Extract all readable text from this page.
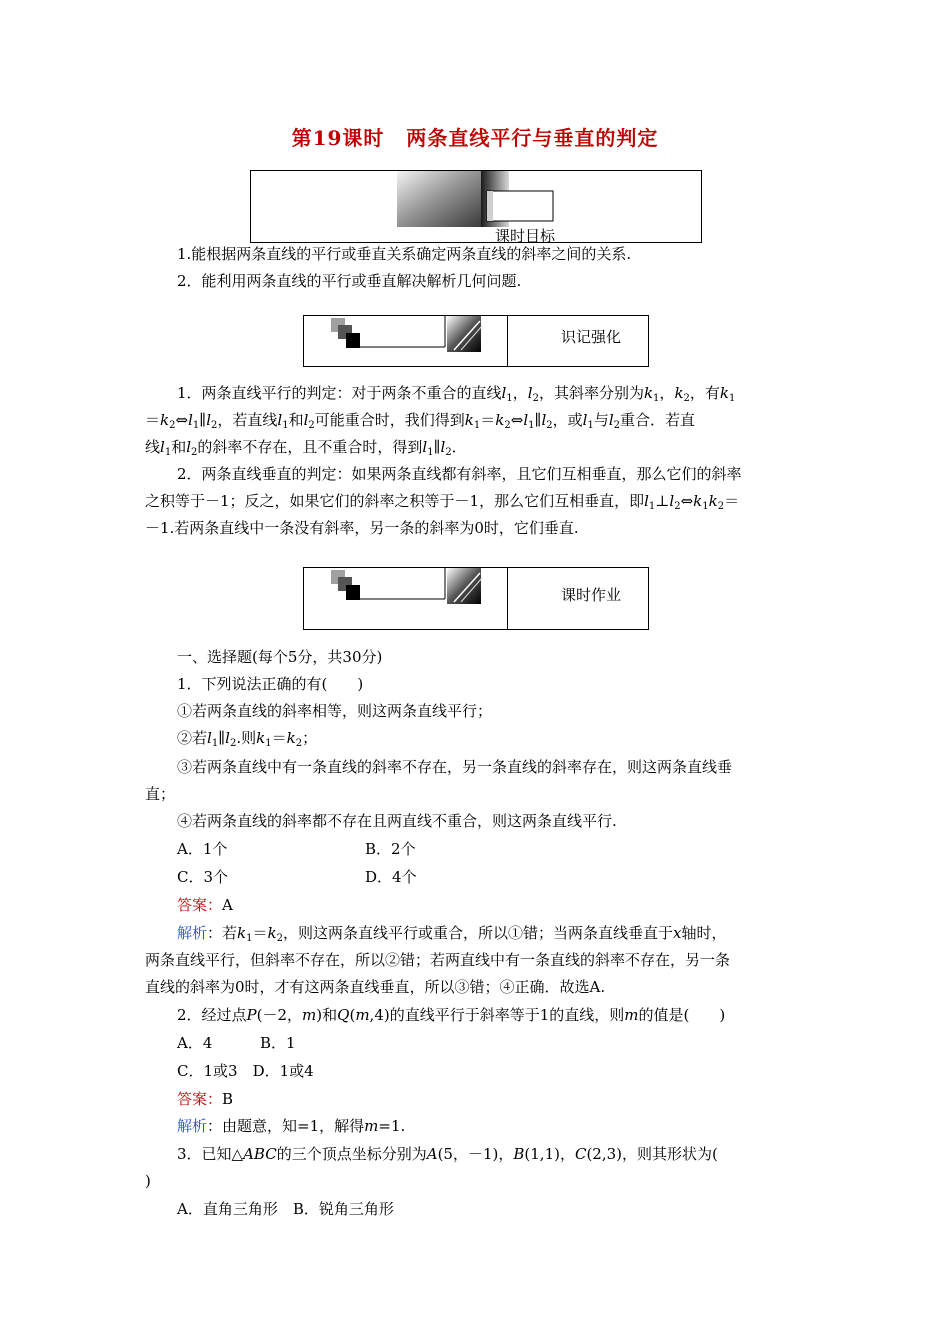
第19课时 两条直线平行与垂直的判定
课时目标
1.能根据两条直线的平行或垂直关系确定两条直线的斜率之间的关系.
2．能利用两条直线的平行或垂直解决解析几何问题.
识记强化
1．两条直线平行的判定：对于两条不重合的直线$l_1$，$l_2$，其斜率分别为$k_1$，$k_2$，有$k_1$
$=k_2\Leftrightarrow l_1\parallel l_2$，若直线$l_1$和$l_2$可能重合时，我们得到$k_1=k_2\Leftrightarrow l_1\parallel l_2$，或$l_1$与$l_2$重合．若直
线$l_1$和$l_2$的斜率不存在，且不重合时，得到$l_1\parallel l_2$．
2．两条直线垂直的判定：如果两条直线都有斜率，且它们互相垂直，那么它们的斜率
之积等于－1；反之，如果它们的斜率之积等于－1，那么它们互相垂直，即$l_1\perp l_2\Leftrightarrow k_1k_2=$
－1.若两条直线中一条没有斜率，另一条的斜率为0时，它们垂直.
课时作业
一、选择题(每个5分，共30分)
1．下列说法正确的有(　　)
①若两条直线的斜率相等，则这两条直线平行；
②若$l_1\parallel l_2$.则$k_1=k_2$；
③若两条直线中有一条直线的斜率不存在，另一条直线的斜率存在，则这两条直线垂
直；
④若两条直线的斜率都不存在且两直线不重合，则这两条直线平行.
A．1个	B．2个
C．3个	D．4个
答案：A
解析：若$k_1=k_2$，则这两条直线平行或重合，所以①错；当两条直线垂直于x轴时，
两条直线平行，但斜率不存在，所以②错；若两直线中有一条直线的斜率不存在，另一条
直线的斜率为0时，才有这两条直线垂直，所以③错；④正确．故选A.
2．经过点P(－2，m)和Q(m,4)的直线平行于斜率等于1的直线，则m的值是(　　)
A．4	B．1
C．1或3　D．1或4
答案：B
解析：由题意，知=1，解得m=1.
3．已知△ABC的三个顶点坐标分别为A(5，－1)，B(1,1)，C(2,3)，则其形状为(
)
A．直角三角形　B．锐角三角形
